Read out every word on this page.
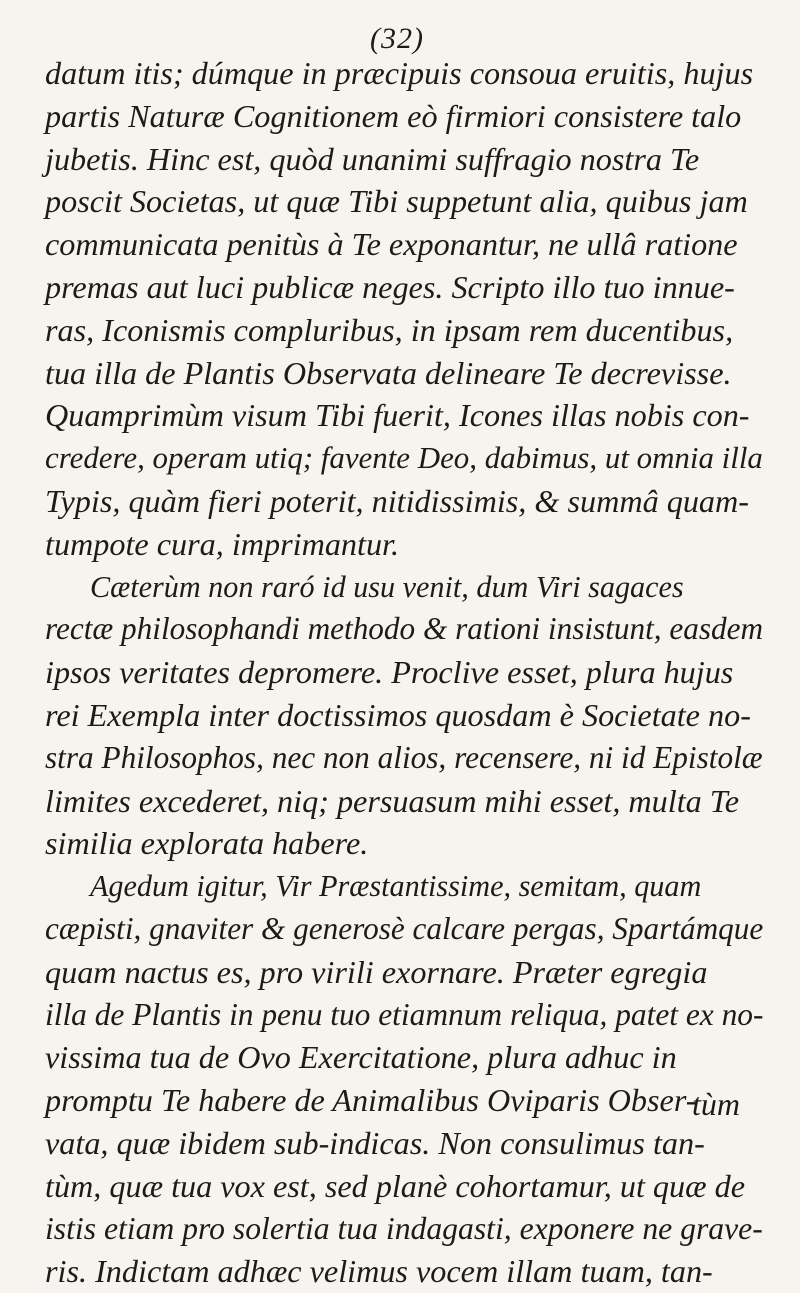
(32)
datum itis; dúmque in præcipuis consoua eruitis, hujus
partis Naturæ Cognitionem eò firmiori consistere talo
jubetis. Hinc est, quòd unanimi suffragio nostra Te
poscit Societas, ut quæ Tibi suppetunt alia, quibus jam
communicata penitùs à Te exponantur, ne ullâ ratione
premas aut luci publicæ neges. Scripto illo tuo innue-
ras, Iconismis compluribus, in ipsam rem ducentibus,
tua illa de Plantis Observata delineare Te decrevisse.
Quamprimùm visum Tibi fuerit, Icones illas nobis con-
credere, operam utiq; favente Deo, dabimus, ut omnia illa
Typis, quàm fieri poterit, nitidissimis, & summâ quam-
tumpote cura, imprimantur.
Cæterùm non raró id usu venit, dum Viri sagaces
rectæ philosophandi methodo & rationi insistunt, easdem
ipsos veritates depromere. Proclive esset, plura hujus
rei Exempla inter doctissimos quosdam è Societate no-
stra Philosophos, nec non alios, recensere, ni id Epistolæ
limites excederet, niq; persuasum mihi esset, multa Te
similia explorata habere.
Agedum igitur, Vir Præstantissime, semitam, quam
cæpisti, gnaviter & generosè calcare pergas, Spartámque
quam nactus es, pro virili exornare. Præter egregia
illa de Plantis in penu tuo etiamnum reliqua, patet ex no-
vissima tua de Ovo Exercitatione, plura adhuc in
promptu Te habere de Animalibus Oviparis Obser-
vata, quæ ibidem sub-indicas. Non consulimus tan-
tùm, quæ tua vox est, sed planè cohortamur, ut quæ de
istis etiam pro solertia tua indagasti, exponere ne grave-
ris. Indictam adhæc velimus vocem illam tuam, tan-
tùm
